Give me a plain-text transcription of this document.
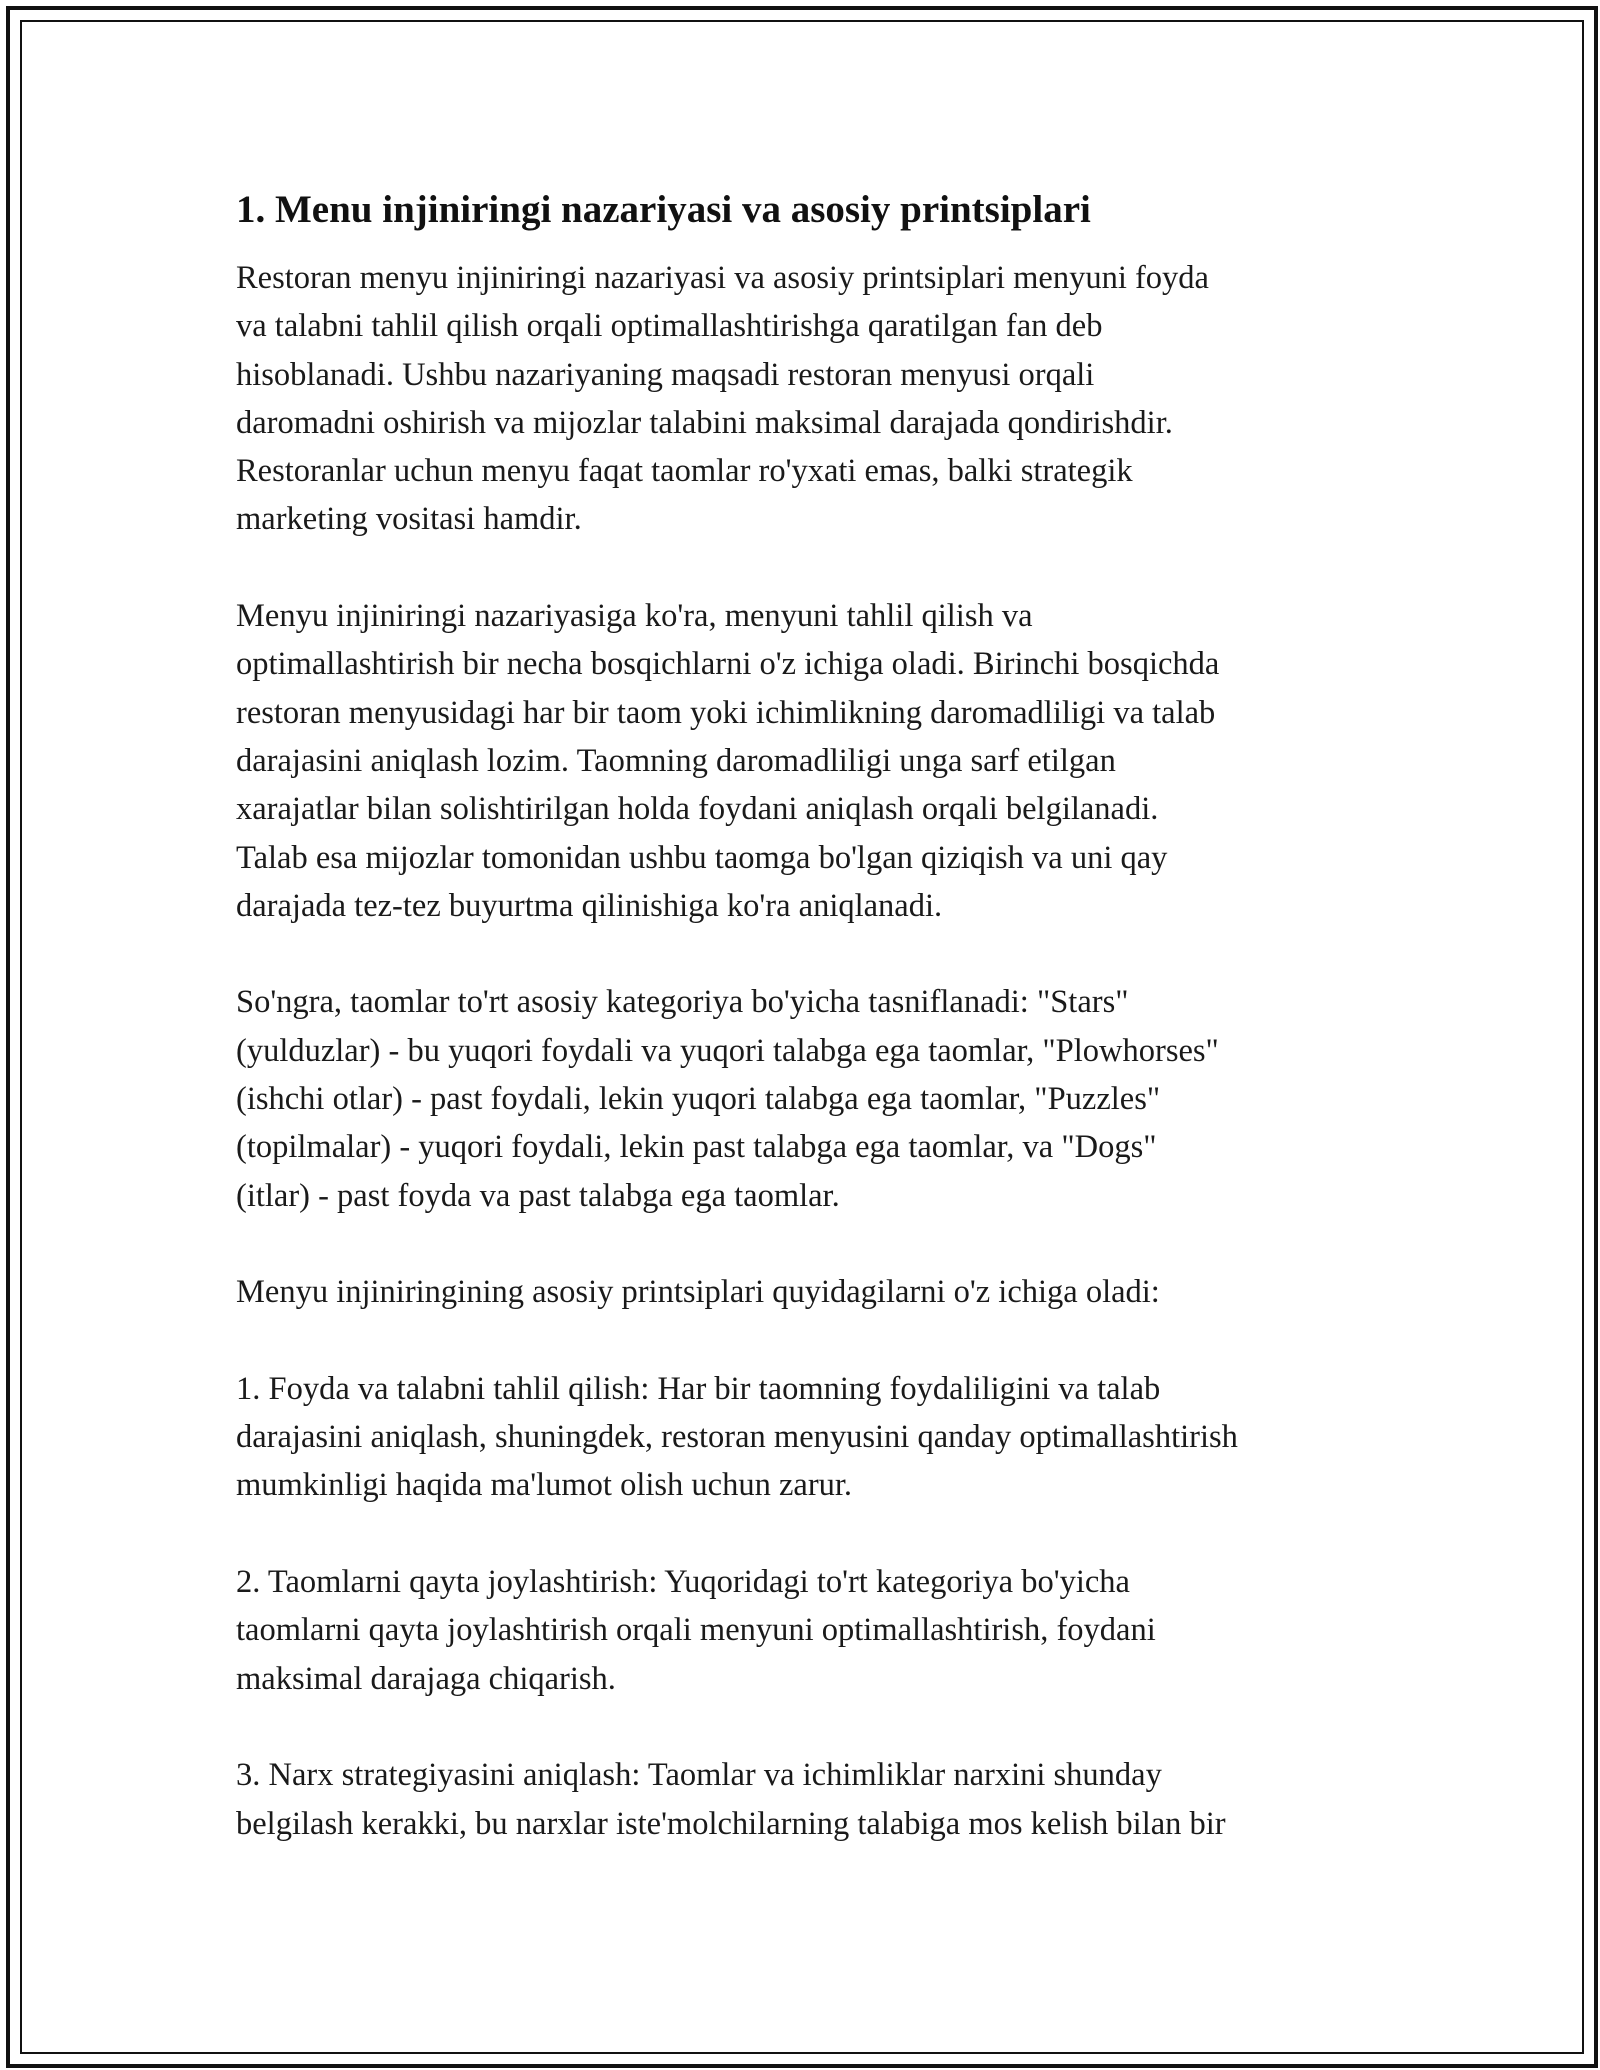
1. Menu injiniringi nazariyasi va asosiy printsiplari

Restoran menyu injiniringi nazariyasi va asosiy printsiplari menyuni foyda
va talabni tahlil qilish orqali optimallashtirishga qaratilgan fan deb
hisoblanadi. Ushbu nazariyaning maqsadi restoran menyusi orqali
daromadni oshirish va mijozlar talabini maksimal darajada qondirishdir.
Restoranlar uchun menyu faqat taomlar ro'yxati emas, balki strategik
marketing vositasi hamdir.

Menyu injiniringi nazariyasiga ko'ra, menyuni tahlil qilish va
optimallashtirish bir necha bosqichlarni o'z ichiga oladi. Birinchi bosqichda
restoran menyusidagi har bir taom yoki ichimlikning daromadliligi va talab
darajasini aniqlash lozim. Taomning daromadliligi unga sarf etilgan
xarajatlar bilan solishtirilgan holda foydani aniqlash orqali belgilanadi.
Talab esa mijozlar tomonidan ushbu taomga bo'lgan qiziqish va uni qay
darajada tez-tez buyurtma qilinishiga ko'ra aniqlanadi.

So'ngra, taomlar to'rt asosiy kategoriya bo'yicha tasniflanadi: "Stars"
(yulduzlar) - bu yuqori foydali va yuqori talabga ega taomlar, "Plowhorses"
(ishchi otlar) - past foydali, lekin yuqori talabga ega taomlar, "Puzzles"
(topilmalar) - yuqori foydali, lekin past talabga ega taomlar, va "Dogs"
(itlar) - past foyda va past talabga ega taomlar.

Menyu injiniringining asosiy printsiplari quyidagilarni o'z ichiga oladi:

1. Foyda va talabni tahlil qilish: Har bir taomning foydaliligini va talab
darajasini aniqlash, shuningdek, restoran menyusini qanday optimallashtirish
mumkinligi haqida ma'lumot olish uchun zarur.

2. Taomlarni qayta joylashtirish: Yuqoridagi to'rt kategoriya bo'yicha
taomlarni qayta joylashtirish orqali menyuni optimallashtirish, foydani
maksimal darajaga chiqarish.

3. Narx strategiyasini aniqlash: Taomlar va ichimliklar narxini shunday
belgilash kerakki, bu narxlar iste'molchilarning talabiga mos kelish bilan bir
